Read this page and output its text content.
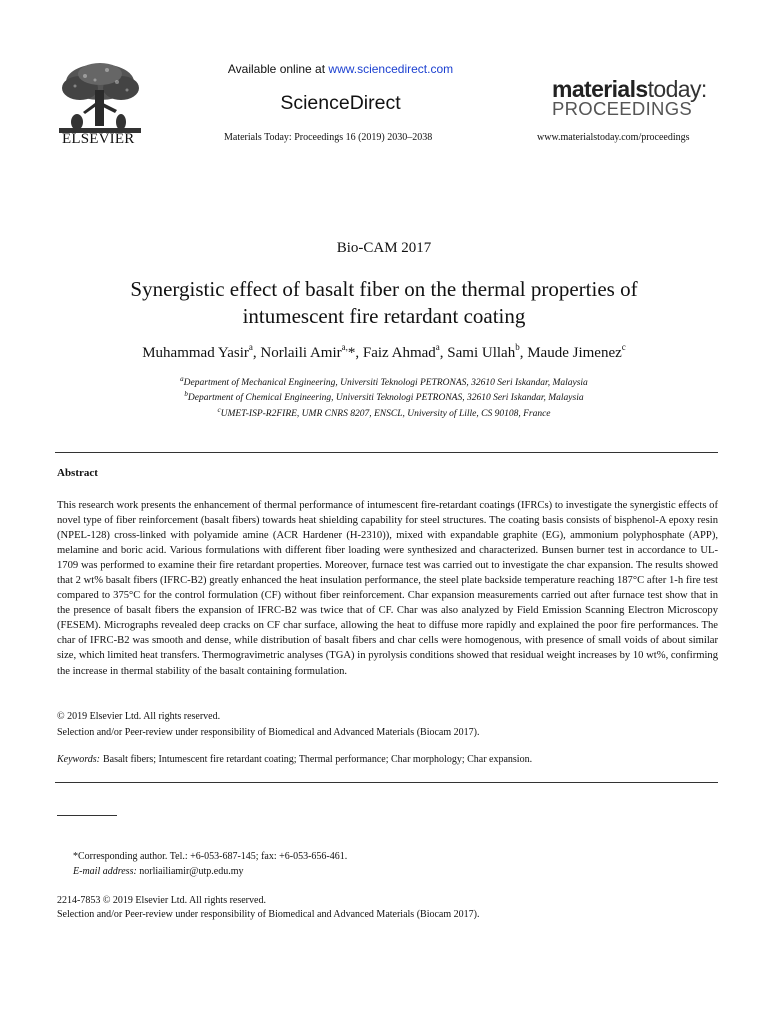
ELSEVIER
Available online at www.sciencedirect.com
ScienceDirect
Materials Today: Proceedings 16 (2019) 2030–2038
materialstoday:
PROCEEDINGS
www.materialstoday.com/proceedings
Bio-CAM 2017
Synergistic effect of basalt fiber on the thermal properties of
intumescent fire retardant coating
Muhammad Yasir$^a$, Norlaili Amir$^{a,}$*, Faiz Ahmad$^a$, Sami Ullah$^b$, Maude Jimenez$^c$
$^a$Department of Mechanical Engineering, Universiti Teknologi PETRONAS, 32610 Seri Iskandar, Malaysia
$^b$Department of Chemical Engineering, Universiti Teknologi PETRONAS, 32610 Seri Iskandar, Malaysia
$^c$UMET-ISP-R2FIRE, UMR CNRS 8207, ENSCL, University of Lille, CS 90108, France
Abstract

This research work presents the enhancement of thermal performance of intumescent fire-retardant coatings (IFRCs) to investigate the synergistic effects of novel type of fiber reinforcement (basalt fibers) towards heat shielding capability for steel structures. The coating basis consists of bisphenol-A epoxy resin (NPEL-128) cross-linked with polyamide amine (ACR Hardener (H-2310)), mixed with expandable graphite (EG), ammonium polyphosphate (APP), melamine and boric acid. Various formulations with different fiber loading were synthesized and characterized. Bunsen burner test in accordance to UL-1709 was performed to examine their fire retardant properties. Moreover, furnace test was carried out to investigate the char expansion. The results showed that 2 wt% basalt fibers (IFRC-B2) greatly enhanced the heat insulation performance, the steel plate backside temperature reaching 187°C after 1-h fire test compared to 375°C for the control formulation (CF) without fiber reinforcement. Char expansion measurements carried out after furnace test show that in the presence of basalt fibers the expansion of IFRC-B2 was twice that of CF. Char was also analyzed by Field Emission Scanning Electron Microscopy (FESEM). Micrographs revealed deep cracks on CF char surface, allowing the heat to diffuse more rapidly and explained the poor fire performances. The char of IFRC-B2 was smooth and dense, while distribution of basalt fibers and char cells were homogenous, with presence of small voids of about similar size, which limited heat transfers. Thermogravimetric analyses (TGA) in pyrolysis conditions showed that residual weight increases by 10 wt%, confirming the increase in thermal stability of the basalt containing formulation.

© 2019 Elsevier Ltd. All rights reserved.
Selection and/or Peer-review under responsibility of Biomedical and Advanced Materials (Biocam 2017).
Keywords: Basalt fibers; Intumescent fire retardant coating; Thermal performance; Char morphology; Char expansion.
*Corresponding author. Tel.: +6-053-687-145; fax: +6-053-656-461.
E-mail address: norliailiamir@utp.edu.my
2214-7853 © 2019 Elsevier Ltd. All rights reserved.
Selection and/or Peer-review under responsibility of Biomedical and Advanced Materials (Biocam 2017).
